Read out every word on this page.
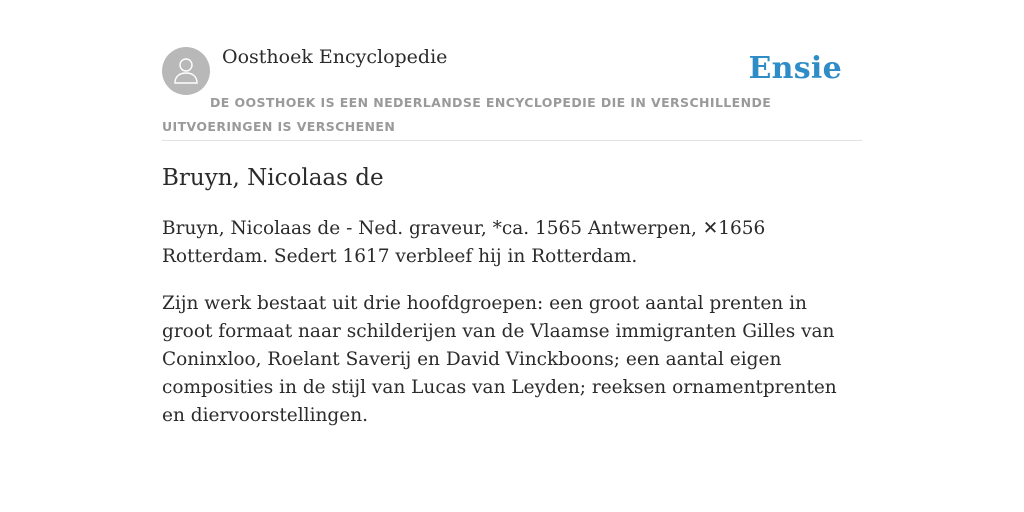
Oosthoek Encyclopedie	Ensie
DE OOSTHOEK IS EEN NEDERLANDSE ENCYCLOPEDIE DIE IN VERSCHILLENDE UITVOERINGEN IS VERSCHENEN
Bruyn, Nicolaas de

Bruyn, Nicolaas de - Ned. graveur, *ca. 1565 Antwerpen, ✕1656 Rotterdam. Sedert 1617 verbleef hij in Rotterdam.

Zijn werk bestaat uit drie hoofdgroepen: een groot aantal prenten in groot formaat naar schilderijen van de Vlaamse immigranten Gilles van Coninxloo, Roelant Saverij en David Vinckboons; een aantal eigen composities in de stijl van Lucas van Leyden; reeksen ornamentprenten en diervoorstellingen.
